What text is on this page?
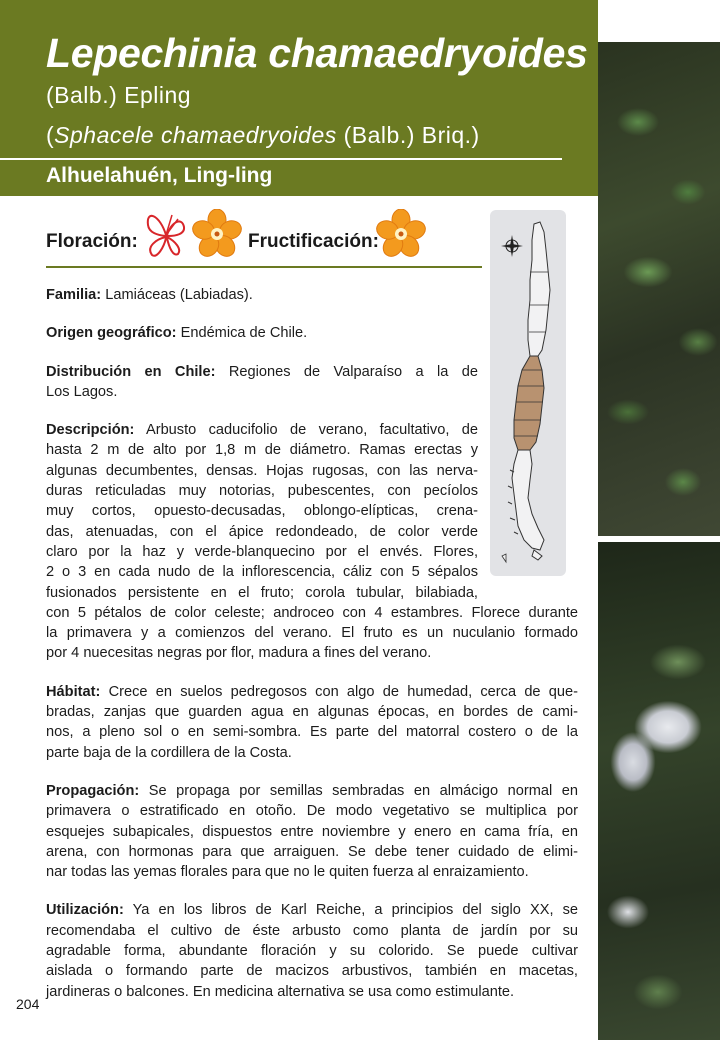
Lepechinia chamaedryoides
(Balb.) Epling
(Sphacele chamaedryoides (Balb.) Briq.)
Alhuelahuén, Ling-ling
Floración:	Fructificación:

Familia: Lamiáceas (Labiadas).

Origen geográfico: Endémica de Chile.

Distribución en Chile: Regiones de Valparaíso a la de
Los Lagos.

Descripción: Arbusto caducifolio de verano, facultativo, de
hasta 2 m de alto por 1,8 m de diámetro. Ramas erectas y
algunas decumbentes, densas. Hojas rugosas, con las nerva-
duras reticuladas muy notorias, pubescentes, con pecíolos
muy cortos, opuesto-decusadas, oblongo-elípticas, crena-
das, atenuadas, con el ápice redondeado, de color verde
claro por la haz y verde-blanquecino por el envés. Flores,
2 o 3 en cada nudo de la inflorescencia, cáliz con 5 sépalos
fusionados persistente en el fruto; corola tubular, bilabiada,
con 5 pétalos de color celeste; androceo con 4 estambres. Florece durante
la primavera y a comienzos del verano. El fruto es un nuculanio formado
por 4 nuecesitas negras por flor, madura a fines del verano.

Hábitat: Crece en suelos pedregosos con algo de humedad, cerca de que-
bradas, zanjas que guarden agua en algunas épocas, en bordes de cami-
nos, a pleno sol o en semi-sombra. Es parte del matorral costero o de la
parte baja de la cordillera de la Costa.

Propagación: Se propaga por semillas sembradas en almácigo normal en
primavera o estratificado en otoño. De modo vegetativo se multiplica por
esquejes subapicales, dispuestos entre noviembre y enero en cama fría, en
arena, con hormonas para que arraiguen. Se debe tener cuidado de elimi-
nar todas las yemas florales para que no le quiten fuerza al enraizamiento.

Utilización: Ya en los libros de Karl Reiche, a principios del siglo XX, se
recomendaba el cultivo de éste arbusto como planta de jardín por su
agradable forma, abundante floración y su colorido. Se puede cultivar
aislada o formando parte de macizos arbustivos, también en macetas,
jardineras o balcones. En medicina alternativa se usa como estimulante.

204
